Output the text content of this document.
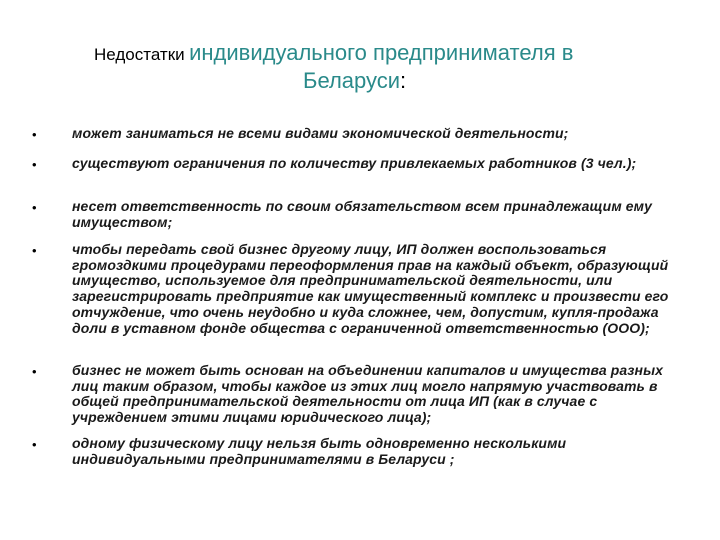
Недостатки индивидуального предпринимателя в
Беларуси:
•	может заниматься не всеми видами экономической деятельности;
•	существуют ограничения по количеству привлекаемых работников (3 чел.);
•	несет ответственность по своим обязательством всем принадлежащим ему имуществом;
•	чтобы передать свой бизнес другому лицу, ИП должен воспользоваться громоздкими процедурами переоформления прав на каждый объект, образующий имущество, используемое для предпринимательской деятельности, или зарегистрировать предприятие как имущественный комплекс и произвести его отчуждение, что очень неудобно и куда сложнее, чем, допустим, купля-продажа доли в уставном фонде общества с ограниченной ответственностью (ООО);
•	бизнес не может быть основан на объединении капиталов и имущества разных лиц таким образом, чтобы каждое из этих лиц могло напрямую участвовать в общей предпринимательской деятельности от лица ИП (как в случае с учреждением этими лицами юридического лица);
•	одному физическому лицу нельзя быть одновременно несколькими индивидуальными предпринимателями в Беларуси ;
